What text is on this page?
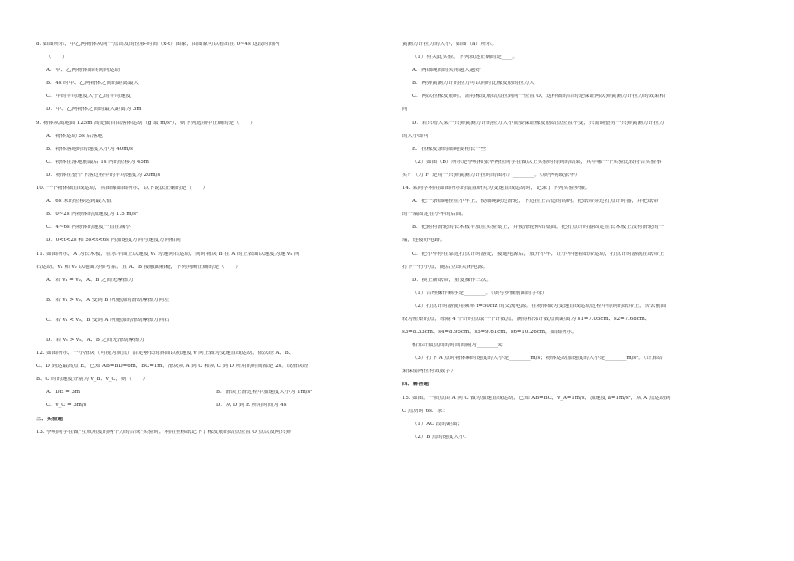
8. 如图所示，甲乙两物体从同一点出发的位移-时间（x-t）图象，由图象可以看出在 0~4s 这段时间内
（　　）
A．甲、乙两物体始终同向运动
B．4s 时甲、乙两物体之间的距离最大
C．甲的平均速度大于乙的平均速度
D．甲、乙两物体之间的最大距离为 3m
9. 物体从离地面 125m 高处做自由落体运动（g 取 m/s²），则下列选项中正确的是（　　）
A．物体运动 5s 后落地
B．物体落地时的速度大小为 40m/s
C．物体在落地前最后 1s 内的位移为 45m
D．物体在整个下落过程中的平均速度为 20m/s
10. 一个物体做直线运动，其图像如图所示，以下说法正确的是（　　）
A．6s 末的位移达到最大值
B．0~2s 内物体的加速度为 1.5 m/s²
C．4~6s 内物体的速度一直在减小
D．0<t<2s 和 5s<t<6s 内加速度方向与速度方向相同
11. 如图所示，A 为长木板，在水平面上以速度 v₁ 匀速向右运动，同时物块 B 在 A 的上表面以速度为速 v₂ 向
右运动，v₁ 和 v₂ 以地面为参考系，且 A、B 接触面粗糙，下列判断正确的是（　　）
A．若 v₁ = v₂，A、B 之间无摩擦力
B．若 v₁ > v₂，A 受到 B 所施加的滑动摩擦力向左
C．若 v₁ < v₂，B 受到 A 所施加的滑动摩擦力向右
D．若 v₁ > v₂，A、B 之间无滑动摩擦力
12. 如图所示，一小滑块（可视为质点）沿足够长的斜面以初速度 v 向上做匀变速直线运动，依次经 A、B、
C、D 到达最高点 E，已知 AB=BD=6m，BC=1m，滑块从 A 到 C 和从 C 到 D 所用的时间都是 2s。设滑块经
B、C 时的速度分别为 v_B、v_C，则（　　）
A．DE = 3m	B．滑块上滑过程中加速度大小为 1m/s²
C．v_C = 3m/s	D．从 D 到 E 所用时间为 4s
三、实验题
13. 李明同学在做"互成角度的两个力的合成"实验时，利用坐标纸记下了橡皮筋的结点位置 O 点以及两只弹
簧测力计拉力的大小，如图（a）所示。
（1）有关此实验，下列叙述正确的是____。
A．两细绳间的夹角越大越好
B．两弹簧测力计的拉力可以同时比橡皮筋的拉力大
C．两次拉橡皮筋时，需将橡皮筋结点拉到同一位置 O，这样做的目的是保证两次弹簧测力计拉力的效果相
同
D．若只增大某一只弹簧测力计的拉力大小而要保证橡皮筋结点位置不变，只需调整另一只弹簧测力计拉力
的大小即可
E．拉橡皮条的细绳要稍长一些
（2）如图（b）所示是李明和张华两位同学在做以上实验时得到的结果，其中哪一个实验比较符合实验事
实？（力 F′ 是用一只弹簧测力计拉时的图示）________。（填李明或张华）
14. 某同学利用如图所示的装置研究匀变速直线运动时，记录了下列实验步骤。
A．把一条细绳拴在小车上，使细绳跨过滑轮，下边挂上合适的钩码。把纸带穿过打点计时器，并把纸带
的一端固定在小车的后面。
B．把附有滑轮的长木板平放在实验桌上，并使滑轮伸出桌面。把打点计时器固定在长木板上没有滑轮的一
端，连接好电路。
C．把小车停在靠近打点计时器处，接通电源后，放开小车，让小车拖着纸带运动，打点计时器就在纸带上
打下一行小点，随后立即关闭电源。
D．换上新纸带，重复操作三次。
（1）合理操作顺序是________。（填写步骤前面的字母）
（2）打点计时器使用频率 f=50Hz 的交流电源。在物体做匀变速直线运动过程中得到的纸带上，舍去前面
较为密集的点，每隔 4 个计时点取一个计数点，测得相邻计数点间距离为 s1=7.05cm、s2=7.68cm、
s3=8.33cm、s4=8.95cm、s5=9.61cm、s6=10.26cm，如图所示。
相邻计数点间的时间间隔为________s;
（3）打下 A 点时物体瞬时速度的大小是________m/s；物体运动加速度的大小是________m/s²。（计算结
果保留两位有效数字）
四、解答题
15. 如图，一质点由 A 向 C 做匀加速直线运动，已知 AB=BC，v_A=1m/s，加速度 a=1m/s²，从 A 点运动到
C 点历时 6s．求：
（1）AC 段的距离；
（2）B 点的速度大小．
